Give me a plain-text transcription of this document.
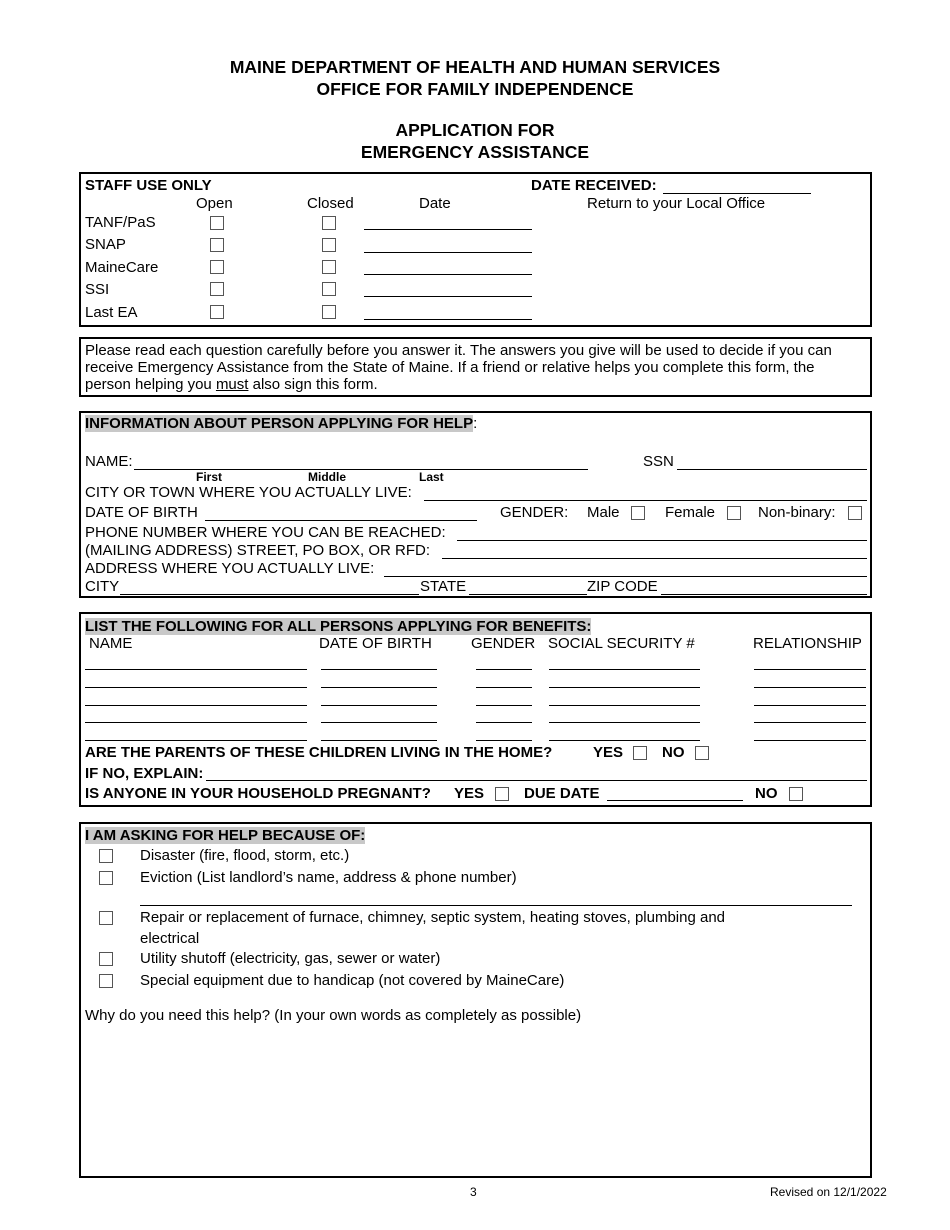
MAINE DEPARTMENT OF HEALTH AND HUMAN SERVICES
OFFICE FOR FAMILY INDEPENDENCE
APPLICATION FOR
EMERGENCY ASSISTANCE
STAFF USE ONLY	DATE RECEIVED:
Open	Closed	Date	Return to your Local Office
TANF/PaS
SNAP
MaineCare
SSI
Last EA
Please read each question carefully before you answer it. The answers you give will be used to decide if you can
receive Emergency Assistance from the State of Maine. If a friend or relative helps you complete this form, the
person helping you must also sign this form.
INFORMATION ABOUT PERSON APPLYING FOR HELP:
NAME:	SSN
First	Middle	Last
CITY OR TOWN WHERE YOU ACTUALLY LIVE:
DATE OF BIRTH	GENDER: Male	Female	Non-binary:
PHONE NUMBER WHERE YOU CAN BE REACHED:
(MAILING ADDRESS) STREET, PO BOX, OR RFD:
ADDRESS WHERE YOU ACTUALLY LIVE:
CITY	STATE	ZIP CODE
LIST THE FOLLOWING FOR ALL PERSONS APPLYING FOR BENEFITS:
NAME	DATE OF BIRTH	GENDER SOCIAL SECURITY #	RELATIONSHIP
ARE THE PARENTS OF THESE CHILDREN LIVING IN THE HOME?	YES	NO
IF NO, EXPLAIN:
IS ANYONE IN YOUR HOUSEHOLD PREGNANT? YES	DUE DATE	NO
I AM ASKING FOR HELP BECAUSE OF:
Disaster (fire, flood, storm, etc.)
Eviction (List landlord’s name, address & phone number)
Repair or replacement of furnace, chimney, septic system, heating stoves, plumbing and
electrical
Utility shutoff (electricity, gas, sewer or water)
Special equipment due to handicap (not covered by MaineCare)
Why do you need this help? (In your own words as completely as possible)
3	Revised on 12/1/2022
